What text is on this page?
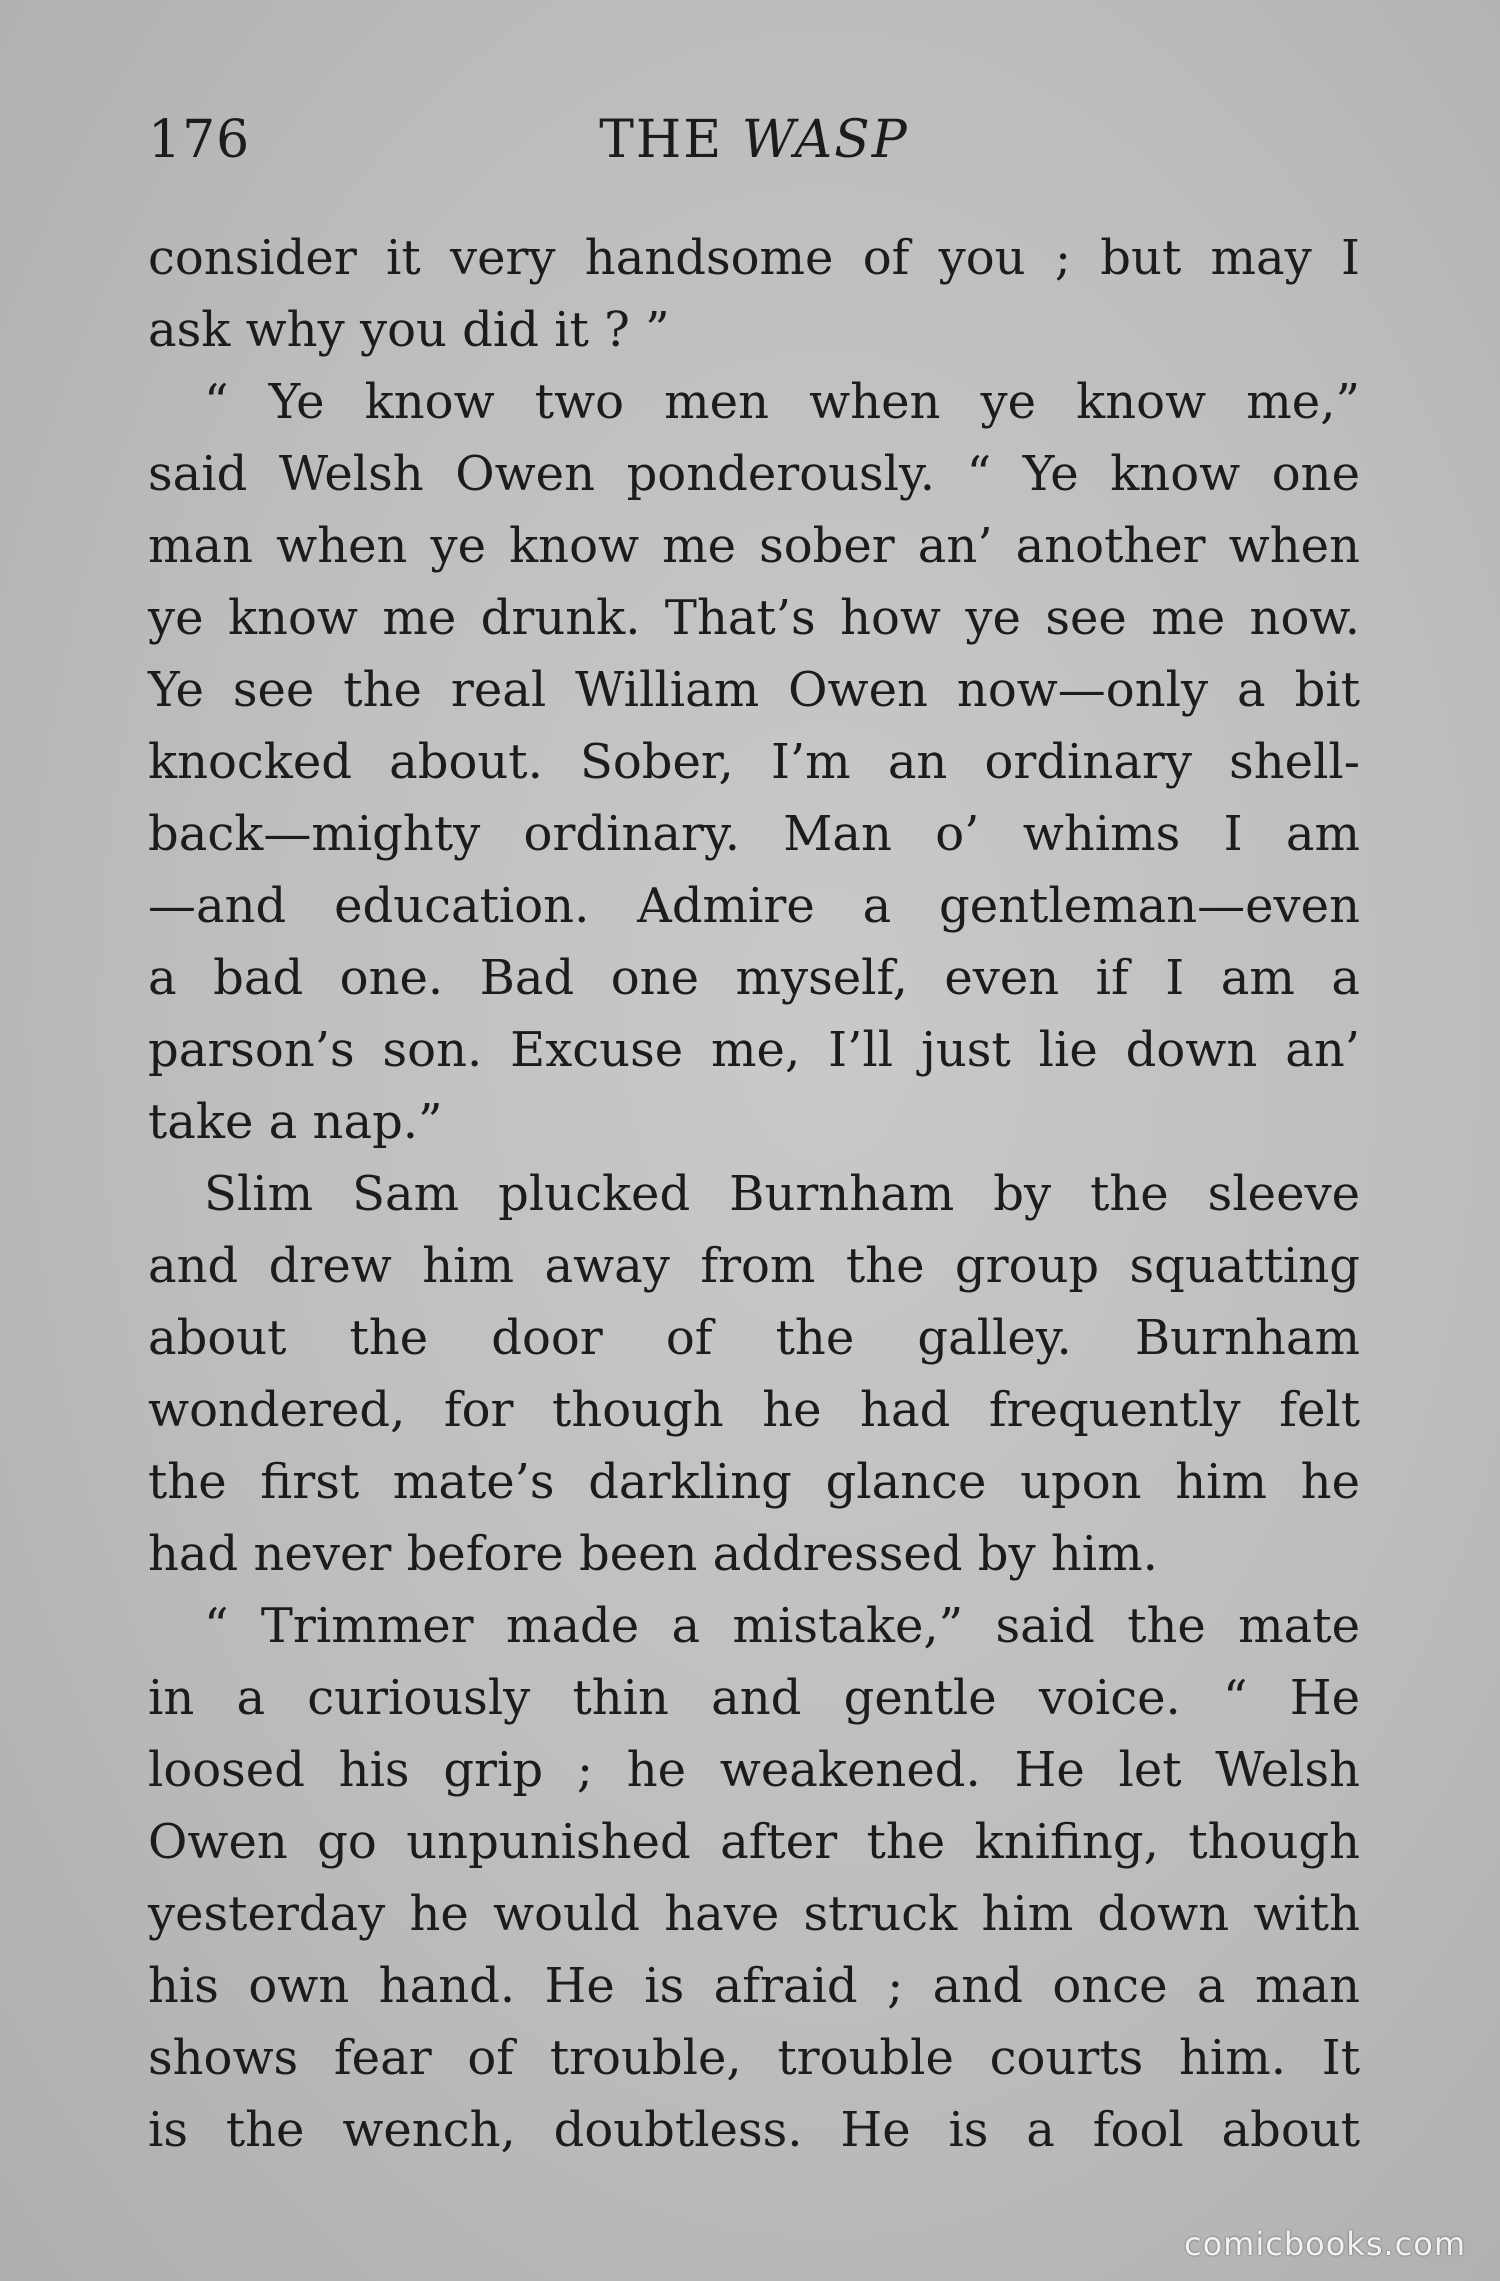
176	THE WASP

consider it very handsome of you ; but may I
ask why you did it ? ”

“ Ye know two men when ye know me,”
said Welsh Owen ponderously. “ Ye know one
man when ye know me sober an’ another when
ye know me drunk. That’s how ye see me now.
Ye see the real William Owen now—only a bit
knocked about. Sober, I’m an ordinary shell-
back—mighty ordinary. Man o’ whims I am
—and education. Admire a gentleman—even
a bad one. Bad one myself, even if I am a
parson’s son. Excuse me, I’ll just lie down an’
take a nap.”

Slim Sam plucked Burnham by the sleeve
and drew him away from the group squatting
about the door of the galley. Burnham
wondered, for though he had frequently felt
the first mate’s darkling glance upon him he
had never before been addressed by him.

“ Trimmer made a mistake,” said the mate
in a curiously thin and gentle voice. “ He
loosed his grip ; he weakened. He let Welsh
Owen go unpunished after the knifing, though
yesterday he would have struck him down with
his own hand. He is afraid ; and once a man
shows fear of trouble, trouble courts him. It
is the wench, doubtless. He is a fool about

comicbooks.com
